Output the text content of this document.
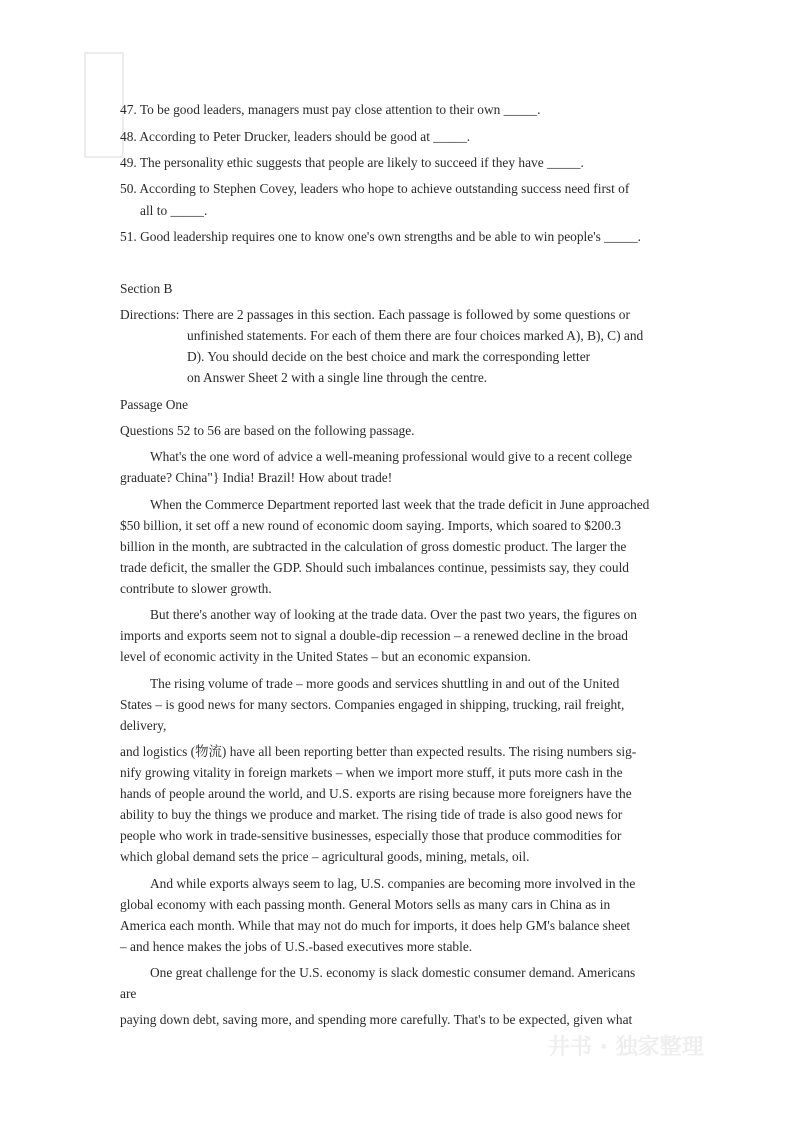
井书 · 独家整理
47. To be good leaders, managers must pay close attention to their own _____.
48. According to Peter Drucker, leaders should be good at _____.
49. The personality ethic suggests that people are likely to succeed if they have _____.
50. According to Stephen Covey, leaders who hope to achieve outstanding success need first of
all to _____.
51. Good leadership requires one to know one's own strengths and be able to win people's _____.
Section B
Directions: There are 2 passages in this section. Each passage is followed by some questions or
unfinished statements. For each of them there are four choices marked A), B), C) and
D). You should decide on the best choice and mark the corresponding letter
on Answer Sheet 2 with a single line through the centre.
Passage One
Questions 52 to 56 are based on the following passage.
What's the one word of advice a well-meaning professional would give to a recent college
graduate? China"} India! Brazil! How about trade!
When the Commerce Department reported last week that the trade deficit in June approached
$50 billion, it set off a new round of economic doom saying. Imports, which soared to $200.3
billion in the month, are subtracted in the calculation of gross domestic product. The larger the
trade deficit, the smaller the GDP. Should such imbalances continue, pessimists say, they could
contribute to slower growth.
But there's another way of looking at the trade data. Over the past two years, the figures on
imports and exports seem not to signal a double-dip recession – a renewed decline in the broad
level of economic activity in the United States – but an economic expansion.
The rising volume of trade – more goods and services shuttling in and out of the United
States – is good news for many sectors. Companies engaged in shipping, trucking, rail freight,
delivery,
and logistics (物流) have all been reporting better than expected results. The rising numbers sig-
nify growing vitality in foreign markets – when we import more stuff, it puts more cash in the
hands of people around the world, and U.S. exports are rising because more foreigners have the
ability to buy the things we produce and market. The rising tide of trade is also good news for
people who work in trade-sensitive businesses, especially those that produce commodities for
which global demand sets the price – agricultural goods, mining, metals, oil.
And while exports always seem to lag, U.S. companies are becoming more involved in the
global economy with each passing month. General Motors sells as many cars in China as in
America each month. While that may not do much for imports, it does help GM's balance sheet
– and hence makes the jobs of U.S.-based executives more stable.
One great challenge for the U.S. economy is slack domestic consumer demand. Americans
are
paying down debt, saving more, and spending more carefully. That's to be expected, given what
